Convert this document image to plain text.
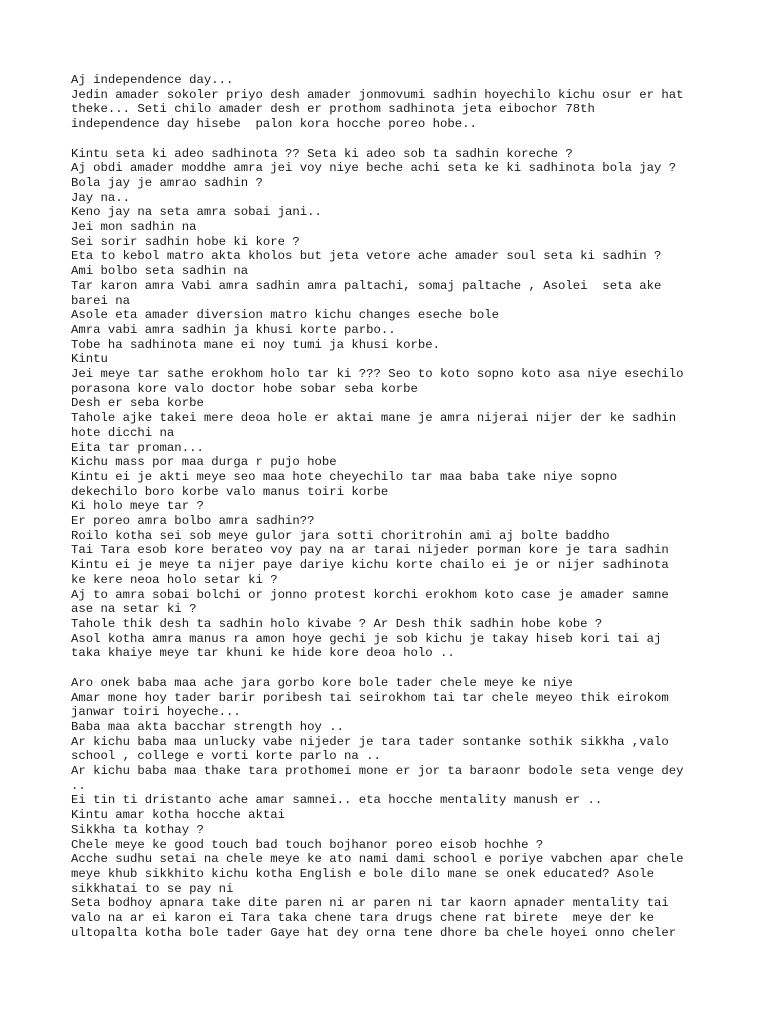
Aj independence day...
Jedin amader sokoler priyo desh amader jonmovumi sadhin hoyechilo kichu osur er hat
theke... Seti chilo amader desh er prothom sadhinota jeta eibochor 78th
independence day hisebe  palon kora hocche poreo hobe..
Kintu seta ki adeo sadhinota ?? Seta ki adeo sob ta sadhin koreche ?
Aj obdi amader moddhe amra jei voy niye beche achi seta ke ki sadhinota bola jay ?
Bola jay je amrao sadhin ?
Jay na..
Keno jay na seta amra sobai jani..
Jei mon sadhin na
Sei sorir sadhin hobe ki kore ?
Eta to kebol matro akta kholos but jeta vetore ache amader soul seta ki sadhin ?
Ami bolbo seta sadhin na
Tar karon amra Vabi amra sadhin amra paltachi, somaj paltache , Asolei  seta ake
barei na
Asole eta amader diversion matro kichu changes eseche bole
Amra vabi amra sadhin ja khusi korte parbo..
Tobe ha sadhinota mane ei noy tumi ja khusi korbe.
Kintu
Jei meye tar sathe erokhom holo tar ki ??? Seo to koto sopno koto asa niye esechilo
porasona kore valo doctor hobe sobar seba korbe
Desh er seba korbe
Tahole ajke takei mere deoa hole er aktai mane je amra nijerai nijer der ke sadhin
hote dicchi na
Eita tar proman...
Kichu mass por maa durga r pujo hobe
Kintu ei je akti meye seo maa hote cheyechilo tar maa baba take niye sopno
dekechilo boro korbe valo manus toiri korbe
Ki holo meye tar ?
Er poreo amra bolbo amra sadhin??
Roilo kotha sei sob meye gulor jara sotti choritrohin ami aj bolte baddho
Tai Tara esob kore berateo voy pay na ar tarai nijeder porman kore je tara sadhin
Kintu ei je meye ta nijer paye dariye kichu korte chailo ei je or nijer sadhinota
ke kere neoa holo setar ki ?
Aj to amra sobai bolchi or jonno protest korchi erokhom koto case je amader samne
ase na setar ki ?
Tahole thik desh ta sadhin holo kivabe ? Ar Desh thik sadhin hobe kobe ?
Asol kotha amra manus ra amon hoye gechi je sob kichu je takay hiseb kori tai aj
taka khaiye meye tar khuni ke hide kore deoa holo ..
Aro onek baba maa ache jara gorbo kore bole tader chele meye ke niye
Amar mone hoy tader barir poribesh tai seirokhom tai tar chele meyeo thik eirokom
janwar toiri hoyeche...
Baba maa akta bacchar strength hoy ..
Ar kichu baba maa unlucky vabe nijeder je tara tader sontanke sothik sikkha ,valo
school , college e vorti korte parlo na ..
Ar kichu baba maa thake tara prothomei mone er jor ta baraonr bodole seta venge dey
..
Ei tin ti dristanto ache amar samnei.. eta hocche mentality manush er ..
Kintu amar kotha hocche aktai
Sikkha ta kothay ?
Chele meye ke good touch bad touch bojhanor poreo eisob hochhe ?
Acche sudhu setai na chele meye ke ato nami dami school e poriye vabchen apar chele
meye khub sikkhito kichu kotha English e bole dilo mane se onek educated? Asole
sikkhatai to se pay ni
Seta bodhoy apnara take dite paren ni ar paren ni tar kaorn apnader mentality tai
valo na ar ei karon ei Tara taka chene tara drugs chene rat birete  meye der ke
ultopalta kotha bole tader Gaye hat dey orna tene dhore ba chele hoyei onno cheler
